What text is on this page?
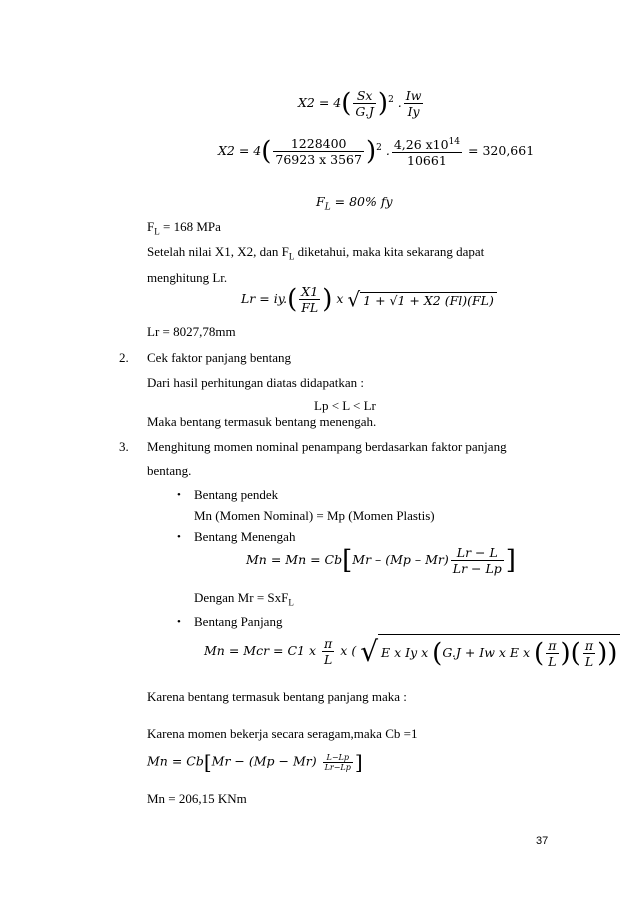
$X2 = 4( \frac{Sx}{G.J} )^2$ . $\frac{Iw}{Iy}$
$X2 = 4( \frac{1228400}{76923 x 3567} )^2$ . $\frac{4,26 x10^{14}}{10661} = 320,661$
$F_L = 80\%$ fy
$F_L = 168$ MPa
Setelah nilai X1, X2, dan $F_L$ diketahui, maka kita sekarang dapat
menghitung Lr.
$Lr = iy.( \frac{X1}{FL}$ ) x √ 1 + √1 + X2 (Fl)(FL)
Lr = 8027,78mm
2. Cek faktor panjang bentang
Dari hasil perhitungan diatas didapatkan :
Lp < L < Lr
Maka bentang termasuk bentang menengah.
3. Menghitung momen nominal penampang berdasarkan faktor panjang
bentang.
• Bentang pendek
Mn (Momen Nominal) = Mp (Momen Plastis)
• Bentang Menengah
$Mn = Mn = Cb[Mr - (Mp - Mr) \frac{Lr - L}{Lr - Lp}$ ]
Dengan Mr = SxF$_L$
• Bentang Panjang
Mn = Mcr = C1 x $\frac{\pi}{L}$ x ( √ E x Iy x (G.J + Iw x E x ( $\frac{\pi}{L}$ )( $\frac{\pi}{L}$ ))
Karena bentang termasuk bentang panjang maka :
Karena momen bekerja secara seragam,maka Cb =1
$Mn = Cb[Mr - (Mp - Mr) \frac{L-Lp}{Lr-Lp}$ ]
Mn = 206,15 KNm
37
